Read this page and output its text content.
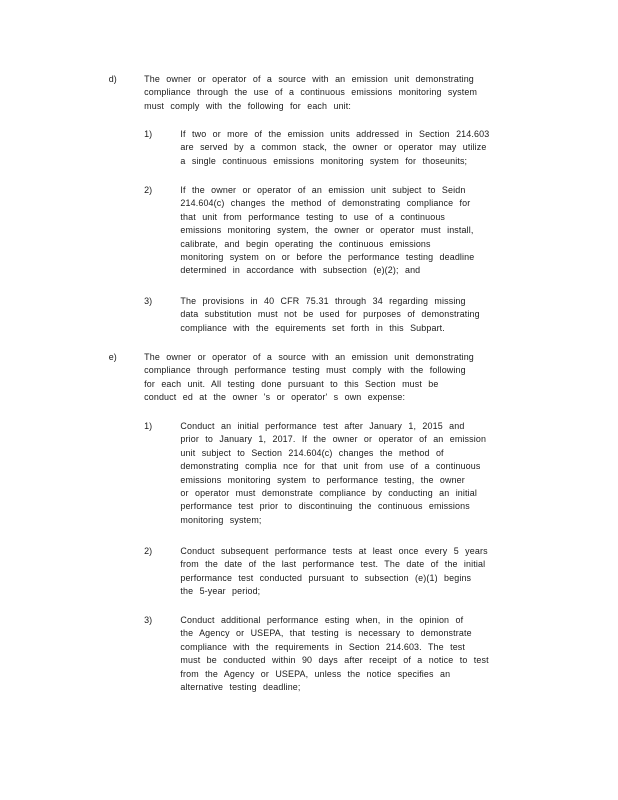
d)	The owner or operator of a source with an emission unit demonstrating
compliance through the use of a continuous emissions monitoring system
must comply with the following for each unit:
1)	If two or more of the emission units addressed in Section 214.603
are served by a common stack, the owner or operator may utilize
a single continuous emissions monitoring system for thoseunits;
2)	If the owner or operator of an emission unit subject to Seidn
214.604(c) changes the method of demonstrating compliance for
that unit from performance testing to use of a continuous
emissions monitoring system, the owner or operator must install,
calibrate, and begin operating the continuous emissions
monitoring system on or before the performance testing deadline
determined in accordance with subsection (e)(2); and
3)	The provisions in 40 CFR 75.31 through 34 regarding missing
data substitution must not be used for purposes of demonstrating
compliance with the equirements set forth in this Subpart.
e)	The owner or operator of a source with an emission unit demonstrating
compliance through performance testing must comply with the following
for each unit. All testing done pursuant to this Section must be
conduct ed at the owner 's or operator' s own expense:
1)	Conduct an initial performance test after January 1, 2015 and
prior to January 1, 2017. If the owner or operator of an emission
unit subject to Section 214.604(c) changes the method of
demonstrating complia nce for that unit from use of a continuous
emissions monitoring system to performance testing, the owner
or operator must demonstrate compliance by conducting an initial
performance test prior to discontinuing the continuous emissions
monitoring system;
2)	Conduct subsequent performance tests at least once every 5 years
from the date of the last performance test. The date of the initial
performance test conducted pursuant to subsection (e)(1) begins
the 5-year period;
3)	Conduct additional performance esting when, in the opinion of
the Agency or USEPA, that testing is necessary to demonstrate
compliance with the requirements in Section 214.603. The test
must be conducted within 90 days after receipt of a notice to test
from the Agency or USEPA, unless the notice specifies an
alternative testing deadline;
